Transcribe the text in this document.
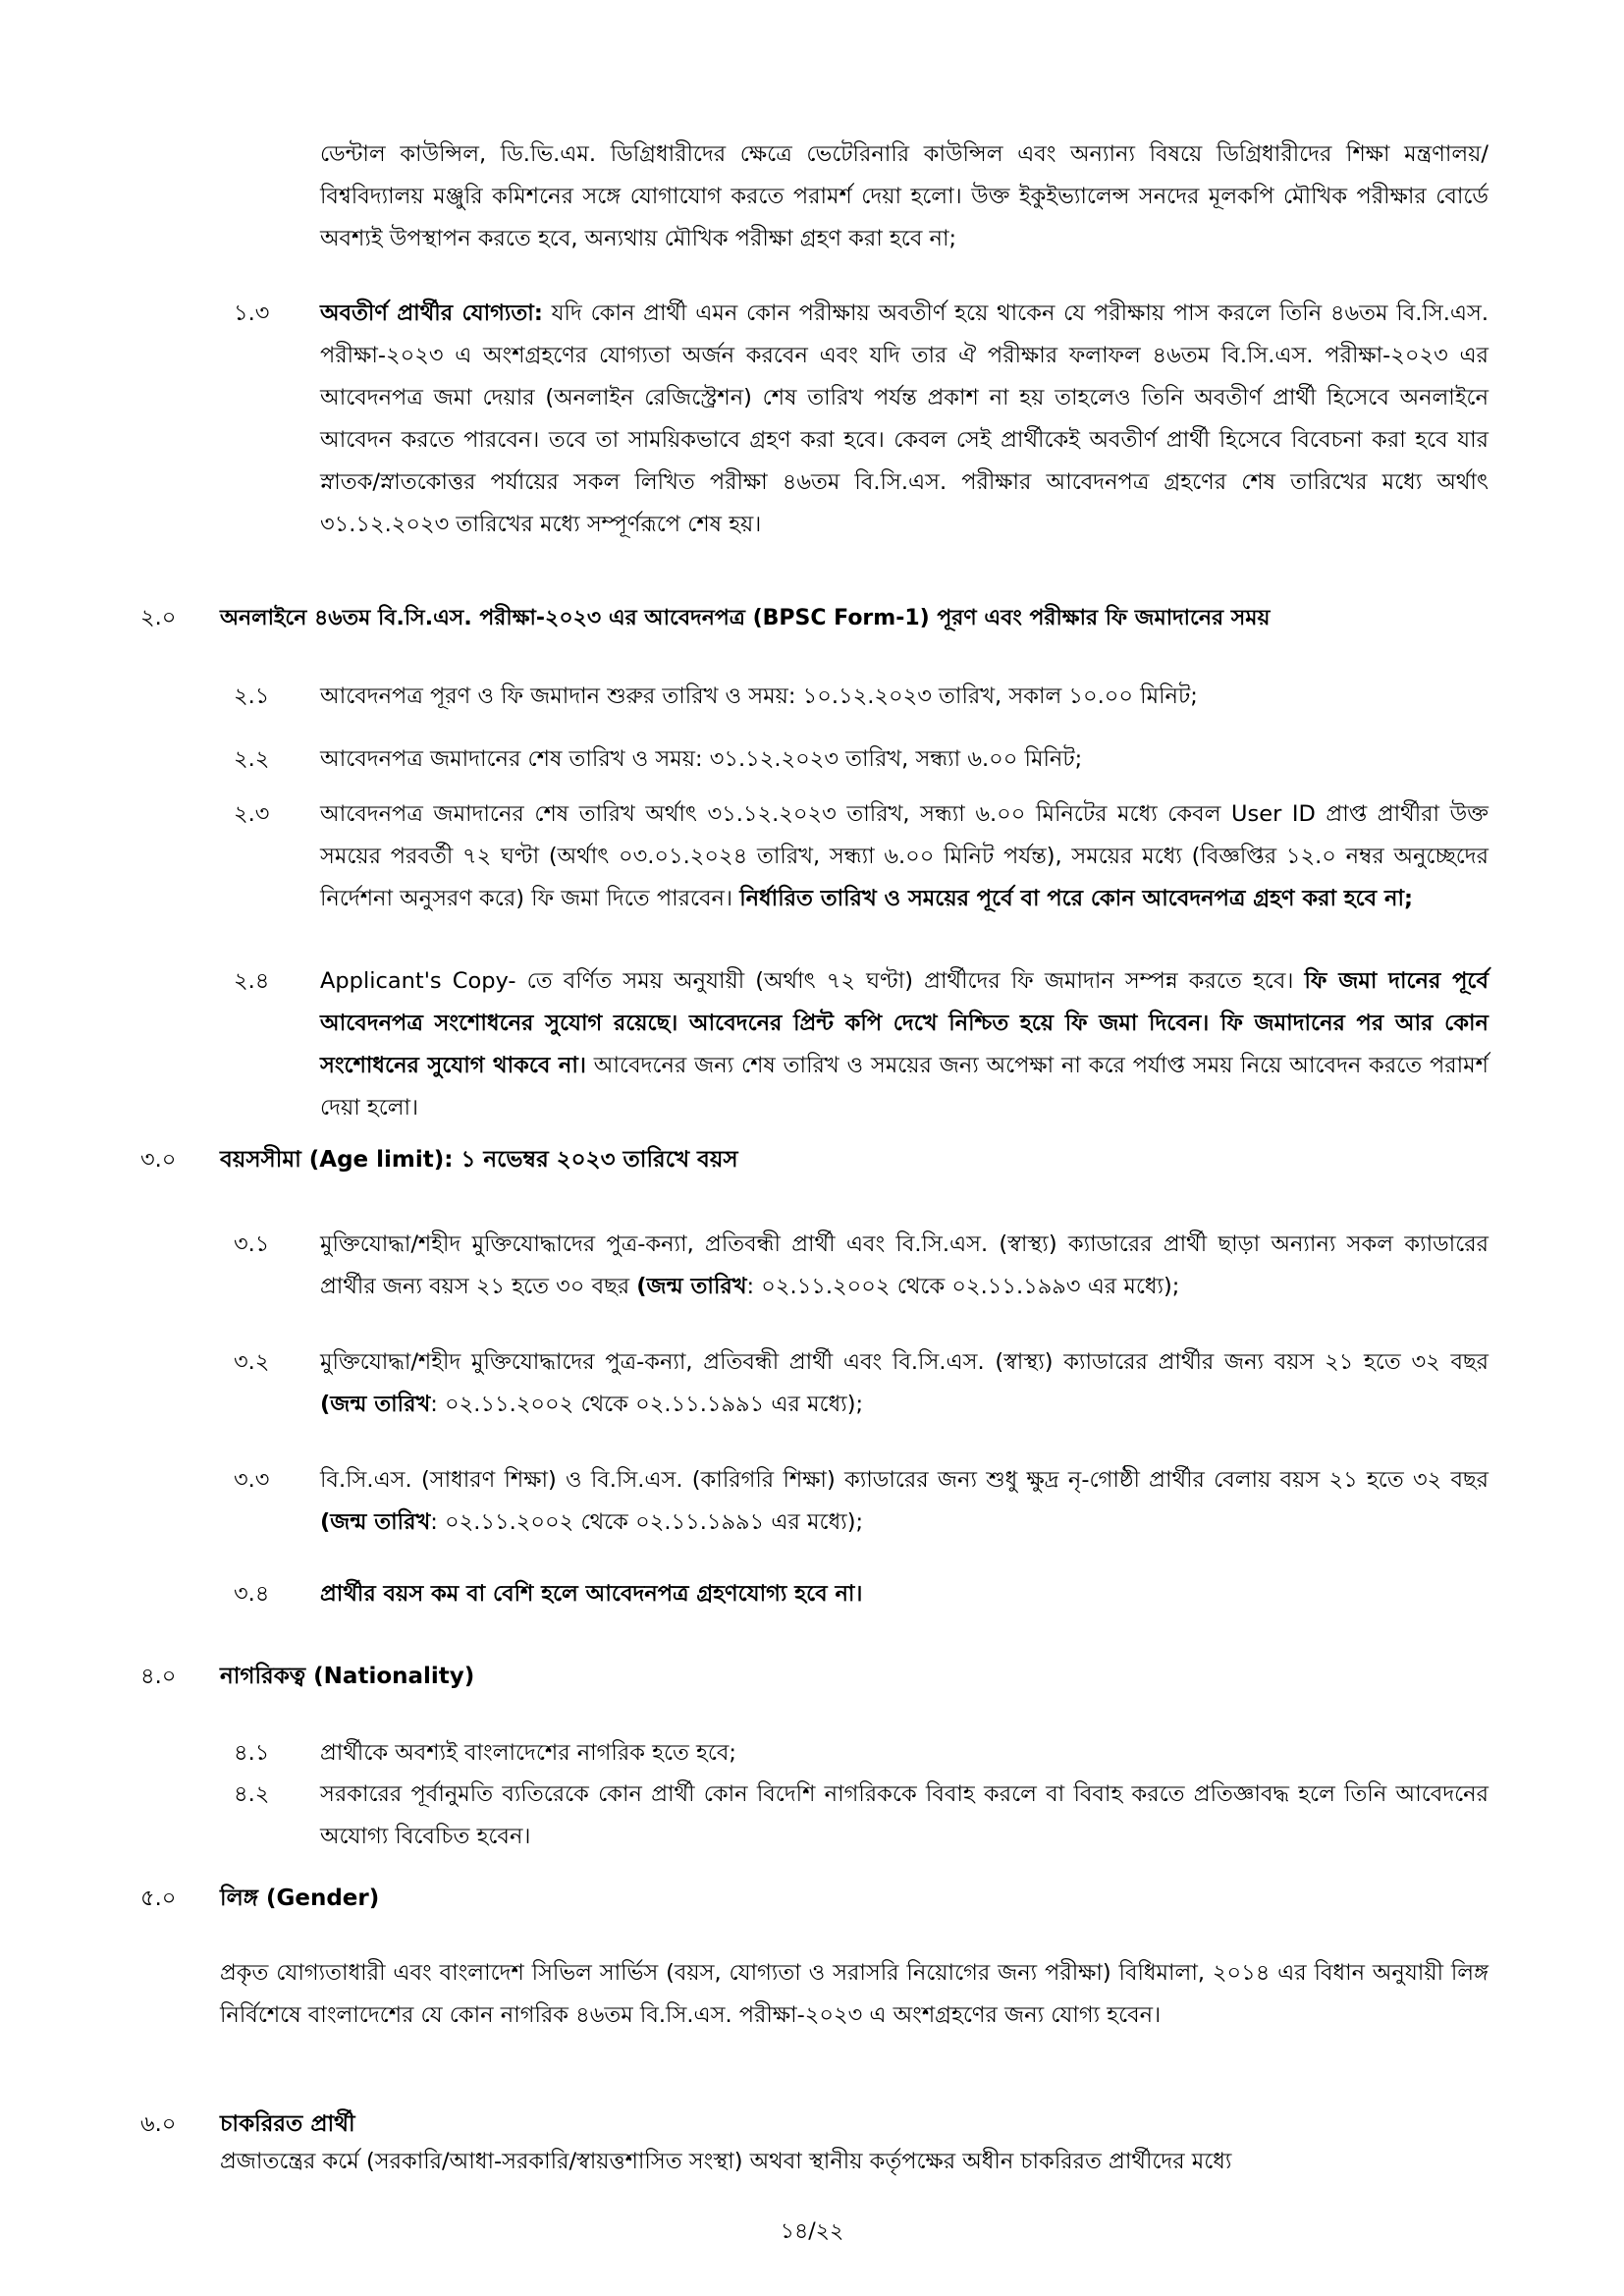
ডেন্টাল কাউন্সিল, ডি.ভি.এম. ডিগ্রিধারীদের ক্ষেত্রে ভেটেরিনারি কাউন্সিল এবং অন্যান্য বিষয়ে ডিগ্রিধারীদের শিক্ষা মন্ত্রণালয়/বিশ্ববিদ্যালয় মঞ্জুরি কমিশনের সঙ্গে যোগাযোগ করতে পরামর্শ দেয়া হলো। উক্ত ইকুইভ্যালেন্স সনদের মূলকপি মৌখিক পরীক্ষার বোর্ডে অবশ্যই উপস্থাপন করতে হবে, অন্যথায় মৌখিক পরীক্ষা গ্রহণ করা হবে না;

১.৩ অবতীর্ণ প্রার্থীর যোগ্যতা: যদি কোন প্রার্থী এমন কোন পরীক্ষায় অবতীর্ণ হয়ে থাকেন যে পরীক্ষায় পাস করলে তিনি ৪৬তম বি.সি.এস. পরীক্ষা-২০২৩ এ অংশগ্রহণের যোগ্যতা অর্জন করবেন এবং যদি তার ঐ পরীক্ষার ফলাফল ৪৬তম বি.সি.এস. পরীক্ষা-২০২৩ এর আবেদনপত্র জমা দেয়ার (অনলাইন রেজিস্ট্রেশন) শেষ তারিখ পর্যন্ত প্রকাশ না হয় তাহলেও তিনি অবতীর্ণ প্রার্থী হিসেবে অনলাইনে আবেদন করতে পারবেন। তবে তা সাময়িকভাবে গ্রহণ করা হবে। কেবল সেই প্রার্থীকেই অবতীর্ণ প্রার্থী হিসেবে বিবেচনা করা হবে যার স্নাতক/স্নাতকোত্তর পর্যায়ের সকল লিখিত পরীক্ষা ৪৬তম বি.সি.এস. পরীক্ষার আবেদনপত্র গ্রহণের শেষ তারিখের মধ্যে অর্থাৎ ৩১.১২.২০২৩ তারিখের মধ্যে সম্পূর্ণরূপে শেষ হয়।

২.০ অনলাইনে ৪৬তম বি.সি.এস. পরীক্ষা-২০২৩ এর আবেদনপত্র (BPSC Form-1) পূরণ এবং পরীক্ষার ফি জমাদানের সময়

২.১ আবেদনপত্র পূরণ ও ফি জমাদান শুরুর তারিখ ও সময়: ১০.১২.২০২৩ তারিখ, সকাল ১০.০০ মিনিট;

২.২ আবেদনপত্র জমাদানের শেষ তারিখ ও সময়: ৩১.১২.২০২৩ তারিখ, সন্ধ্যা ৬.০০ মিনিট;

২.৩ আবেদনপত্র জমাদানের শেষ তারিখ অর্থাৎ ৩১.১২.২০২৩ তারিখ, সন্ধ্যা ৬.০০ মিনিটের মধ্যে কেবল User ID প্রাপ্ত প্রার্থীরা উক্ত সময়ের পরবর্তী ৭২ ঘণ্টা (অর্থাৎ ০৩.০১.২০২৪ তারিখ, সন্ধ্যা ৬.০০ মিনিট পর্যন্ত), সময়ের মধ্যে (বিজ্ঞপ্তির ১২.০ নম্বর অনুচ্ছেদের নির্দেশনা অনুসরণ করে) ফি জমা দিতে পারবেন। নির্ধারিত তারিখ ও সময়ের পূর্বে বা পরে কোন আবেদনপত্র গ্রহণ করা হবে না;

২.৪ Applicant's Copy- তে বর্ণিত সময় অনুযায়ী (অর্থাৎ ৭২ ঘণ্টা) প্রার্থীদের ফি জমাদান সম্পন্ন করতে হবে। ফি জমা দানের পূর্বে আবেদনপত্র সংশোধনের সুযোগ রয়েছে। আবেদনের প্রিন্ট কপি দেখে নিশ্চিত হয়ে ফি জমা দিবেন। ফি জমাদানের পর আর কোন সংশোধনের সুযোগ থাকবে না। আবেদনের জন্য শেষ তারিখ ও সময়ের জন্য অপেক্ষা না করে পর্যাপ্ত সময় নিয়ে আবেদন করতে পরামর্শ দেয়া হলো।

৩.০ বয়সসীমা (Age limit): ১ নভেম্বর ২০২৩ তারিখে বয়স

৩.১ মুক্তিযোদ্ধা/শহীদ মুক্তিযোদ্ধাদের পুত্র-কন্যা, প্রতিবন্ধী প্রার্থী এবং বি.সি.এস. (স্বাস্থ্য) ক্যাডারের প্রার্থী ছাড়া অন্যান্য সকল ক্যাডারের প্রার্থীর জন্য বয়স ২১ হতে ৩০ বছর (জন্ম তারিখ: ০২.১১.২০০২ থেকে ০২.১১.১৯৯৩ এর মধ্যে);

৩.২ মুক্তিযোদ্ধা/শহীদ মুক্তিযোদ্ধাদের পুত্র-কন্যা, প্রতিবন্ধী প্রার্থী এবং বি.সি.এস. (স্বাস্থ্য) ক্যাডারের প্রার্থীর জন্য বয়স ২১ হতে ৩২ বছর (জন্ম তারিখ: ০২.১১.২০০২ থেকে ০২.১১.১৯৯১ এর মধ্যে);

৩.৩ বি.সি.এস. (সাধারণ শিক্ষা) ও বি.সি.এস. (কারিগরি শিক্ষা) ক্যাডারের জন্য শুধু ক্ষুদ্র নৃ-গোষ্ঠী প্রার্থীর বেলায় বয়স ২১ হতে ৩২ বছর (জন্ম তারিখ: ০২.১১.২০০২ থেকে ০২.১১.১৯৯১ এর মধ্যে);

৩.৪ প্রার্থীর বয়স কম বা বেশি হলে আবেদনপত্র গ্রহণযোগ্য হবে না।

৪.০ নাগরিকত্ব (Nationality)

৪.১ প্রার্থীকে অবশ্যই বাংলাদেশের নাগরিক হতে হবে;

৪.২ সরকারের পূর্বানুমতি ব্যতিরেকে কোন প্রার্থী কোন বিদেশি নাগরিককে বিবাহ করলে বা বিবাহ করতে প্রতিজ্ঞাবদ্ধ হলে তিনি আবেদনের অযোগ্য বিবেচিত হবেন।

৫.০ লিঙ্গ (Gender)

প্রকৃত যোগ্যতাধারী এবং বাংলাদেশ সিভিল সার্ভিস (বয়স, যোগ্যতা ও সরাসরি নিয়োগের জন্য পরীক্ষা) বিধিমালা, ২০১৪ এর বিধান অনুযায়ী লিঙ্গ নির্বিশেষে বাংলাদেশের যে কোন নাগরিক ৪৬তম বি.সি.এস. পরীক্ষা-২০২৩ এ অংশগ্রহণের জন্য যোগ্য হবেন।

৬.০ চাকরিরত প্রার্থী

প্রজাতন্ত্রের কর্মে (সরকারি/আধা-সরকারি/স্বায়ত্তশাসিত সংস্থা) অথবা স্থানীয় কর্তৃপক্ষের অধীন চাকরিরত প্রার্থীদের মধ্যে

১৪/২২
